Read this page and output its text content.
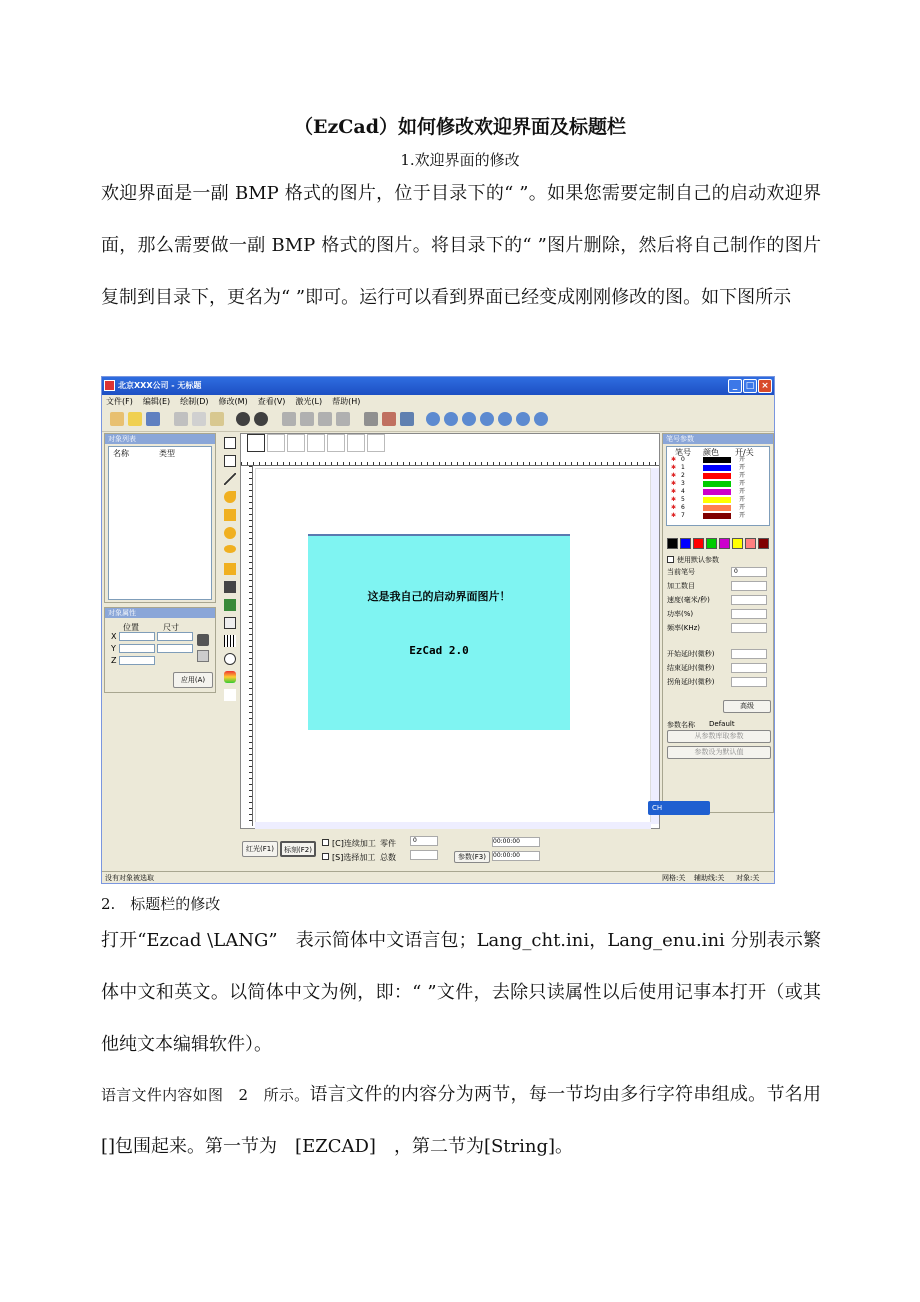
（EzCad）如何修改欢迎界面及标题栏
1.欢迎界面的修改
欢迎界面是一副 BMP 格式的图片，位于目录下的“ ”。如果您需要定制自己的启动欢迎界面，那么需要做一副 BMP 格式的图片。将目录下的“ ”图片删除，然后将自己制作的图片复制到目录下，更名为“ ”即可。运行可以看到界面已经变成刚刚修改的图。如下图所示
北京XXX公司 - 无标题	_ □ ×
文件(F) 编辑(E) 绘制(D) 修改(M) 查看(V) 激光(L) 帮助(H)
对象列表
名称	类型
对象属性
位置	尺寸
X
Y
Z
应用(A)
这是我自己的启动界面图片！
EzCad 2.0
红光(F1)	标刻(F2)
[C]连续加工
[S]选择加工
零件	0
总数	参数(F3)
00:00:00
00:00:00
笔号参数
笔号 颜色 开/关
✱ 0	开
✱ 1	开
✱ 2	开
✱ 3	开
✱ 4	开
✱ 5	开
✱ 6	开
✱ 7	开
使用默认参数
当前笔号	0
加工数目
速度(毫米/秒)
功率(%)
频率(KHz)
开始延时(微秒)
结束延时(微秒)
拐角延时(微秒)
高级
参数名称 Default
从参数库取参数
参数设为默认值
CH
没有对象被选取	网格:关 辅助线:关 对象:关
2.　标题栏的修改
打开“Ezcad \LANG”　表示简体中文语言包；Lang_cht.ini，Lang_enu.ini 分别表示繁体中文和英文。以简体中文为例，即：“ ”文件，去除只读属性以后使用记事本打开（或其他纯文本编辑软件）。
语言文件内容如图　2　所示。语言文件的内容分为两节，每一节均由多行字符串组成。节名用　[]包围起来。第一节为　[EZCAD]　，第二节为[String]。
